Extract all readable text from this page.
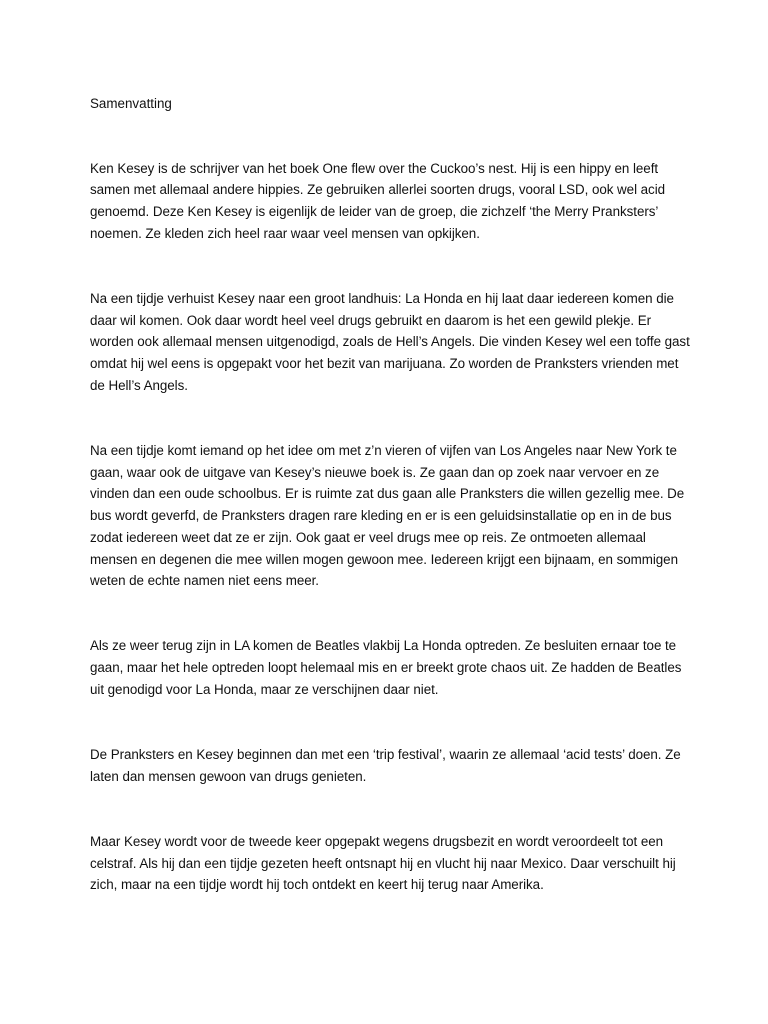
Samenvatting

Ken Kesey is de schrijver van het boek One flew over the Cuckoo’s nest. Hij is een hippy en leeft samen met allemaal andere hippies. Ze gebruiken allerlei soorten drugs, vooral LSD, ook wel acid genoemd. Deze Ken Kesey is eigenlijk de leider van de groep, die zichzelf ‘the Merry Pranksters’ noemen. Ze kleden zich heel raar waar veel mensen van opkijken.

Na een tijdje verhuist Kesey naar een groot landhuis: La Honda en hij laat daar iedereen komen die daar wil komen. Ook daar wordt heel veel drugs gebruikt en daarom is het een gewild plekje. Er worden ook allemaal mensen uitgenodigd, zoals de Hell’s Angels. Die vinden Kesey wel een toffe gast omdat hij wel eens is opgepakt voor het bezit van marijuana. Zo worden de Pranksters vrienden met de Hell’s Angels.

Na een tijdje komt iemand op het idee om met z’n vieren of vijfen van Los Angeles naar New York te gaan, waar ook de uitgave van Kesey’s nieuwe boek is. Ze gaan dan op zoek naar vervoer en ze vinden dan een oude schoolbus. Er is ruimte zat dus gaan alle Pranksters die willen gezellig mee. De bus wordt geverfd, de Pranksters dragen rare kleding en er is een geluidsinstallatie op en in de bus zodat iedereen weet dat ze er zijn. Ook gaat er veel drugs mee op reis. Ze ontmoeten allemaal mensen en degenen die mee willen mogen gewoon mee. Iedereen krijgt een bijnaam, en sommigen weten de echte namen niet eens meer.

Als ze weer terug zijn in LA komen de Beatles vlakbij La Honda optreden. Ze besluiten ernaar toe te gaan, maar het hele optreden loopt helemaal mis en er breekt grote chaos uit. Ze hadden de Beatles uit genodigd voor La Honda, maar ze verschijnen daar niet.

De Pranksters en Kesey beginnen dan met een ‘trip festival’, waarin ze allemaal ‘acid tests’ doen. Ze laten dan mensen gewoon van drugs genieten.

Maar Kesey wordt voor de tweede keer opgepakt wegens drugsbezit en wordt veroordeelt tot een celstraf. Als hij dan een tijdje gezeten heeft ontsnapt hij en vlucht hij naar Mexico. Daar verschuilt hij zich, maar na een tijdje wordt hij toch ontdekt en keert hij terug naar Amerika.
